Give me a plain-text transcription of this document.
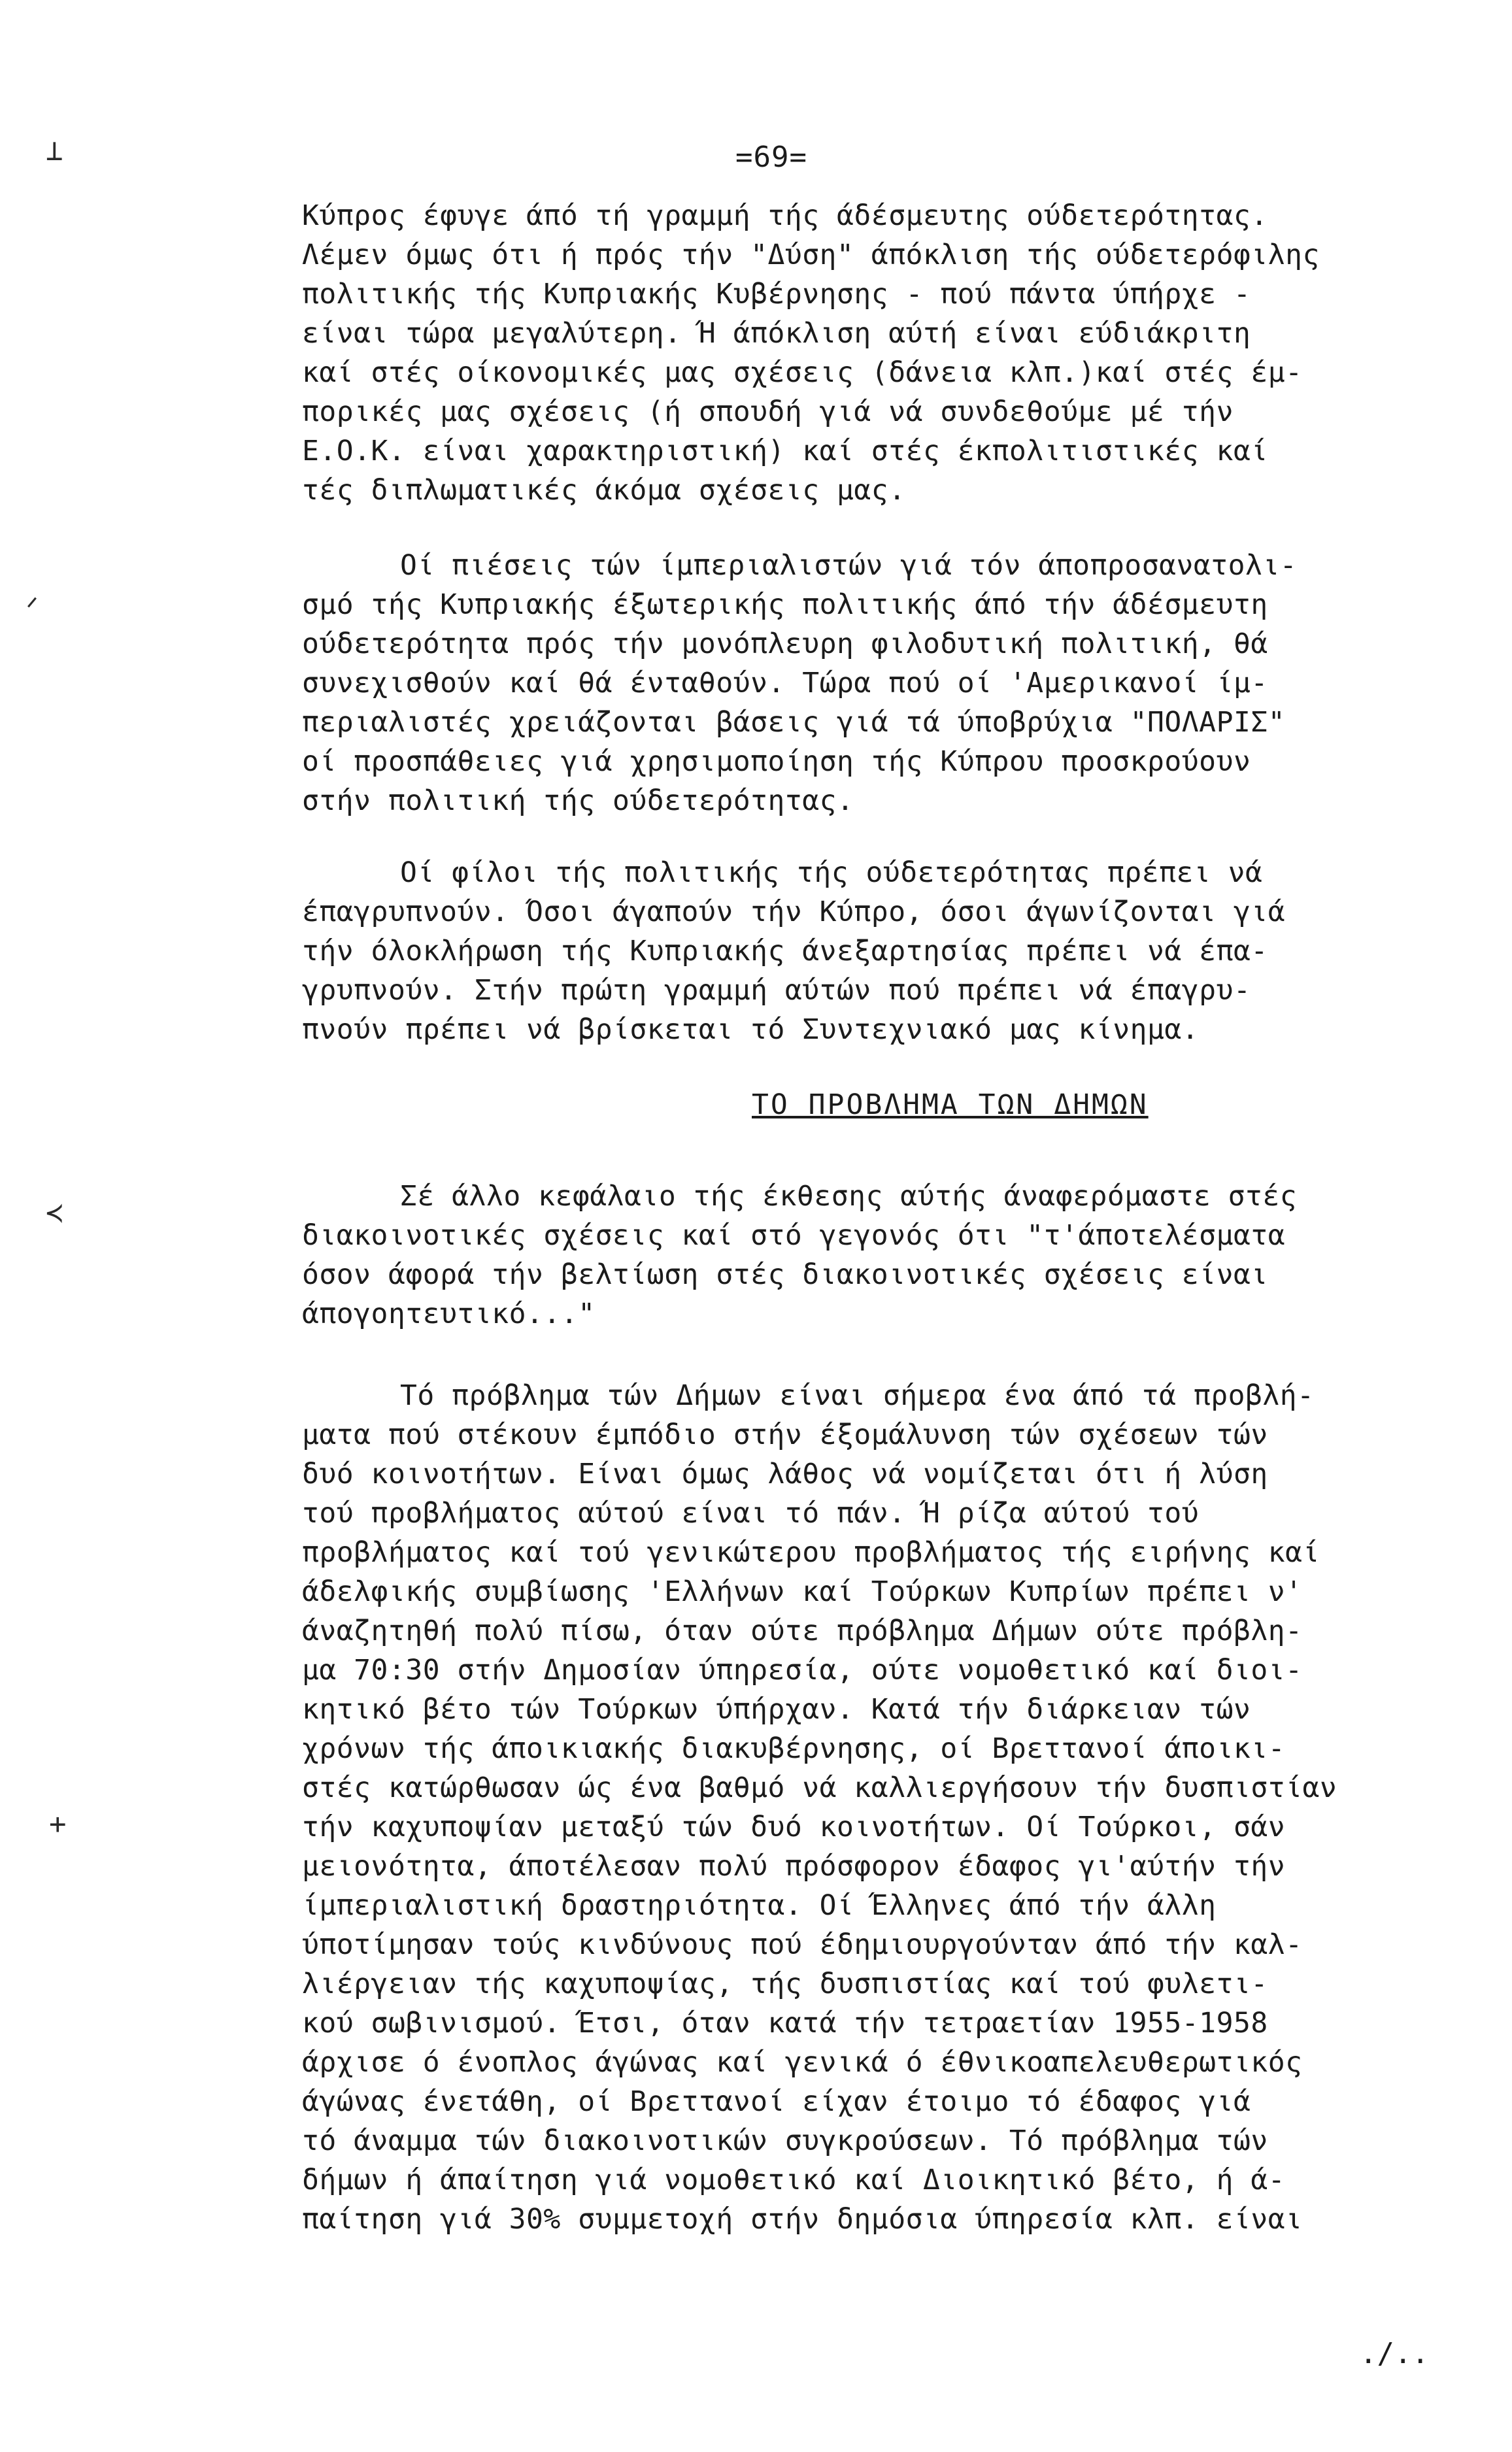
⊥
ᐟ
≺
+
=69=
Κύπρος έφυγε άπό τή γραμμή τής άδέσμευτης ούδετερότητας.
Λέμεν όμως ότι ή πρός τήν "Δύση" άπόκλιση τής ούδετερόφιλης
πολιτικής τής Κυπριακής Κυβέρνησης - πού πάντα ύπήρχε -
είναι τώρα μεγαλύτερη. Ή άπόκλιση αύτή είναι εύδιάκριτη
καί στές οίκονομικές μας σχέσεις (δάνεια κλπ.)καί στές έμ-
πορικές μας σχέσεις (ή σπουδή γιά νά συνδεθούμε μέ τήν
Ε.Ο.Κ. είναι χαρακτηριστική) καί στές έκπολιτιστικές καί
τές διπλωματικές άκόμα σχέσεις μας.
Οί πιέσεις τών ίμπεριαλιστών γιά τόν άποπροσανατολι-
σμό τής Κυπριακής έξωτερικής πολιτικής άπό τήν άδέσμευτη
ούδετερότητα πρός τήν μονόπλευρη φιλοδυτική πολιτική, θά
συνεχισθούν καί θά ένταθούν. Τώρα πού οί 'Αμερικανοί ίμ-
περιαλιστές χρειάζονται βάσεις γιά τά ύποβρύχια "ΠΟΛΑΡΙΣ"
οί προσπάθειες γιά χρησιμοποίηση τής Κύπρου προσκρούουν
στήν πολιτική τής ούδετερότητας.
Οί φίλοι τής πολιτικής τής ούδετερότητας πρέπει νά
έπαγρυπνούν. Όσοι άγαπούν τήν Κύπρο, όσοι άγωνίζονται γιά
τήν όλοκλήρωση τής Κυπριακής άνεξαρτησίας πρέπει νά έπα-
γρυπνούν. Στήν πρώτη γραμμή αύτών πού πρέπει νά έπαγρυ-
πνούν πρέπει νά βρίσκεται τό Συντεχνιακό μας κίνημα.
ΤΟ ΠΡΟΒΛΗΜΑ ΤΩΝ ΔΗΜΩΝ
Σέ άλλο κεφάλαιο τής έκθεσης αύτής άναφερόμαστε στές
διακοινοτικές σχέσεις καί στό γεγονός ότι "τ'άποτελέσματα
όσον άφορά τήν βελτίωση στές διακοινοτικές σχέσεις είναι
άπογοητευτικό..."
Τό πρόβλημα τών Δήμων είναι σήμερα ένα άπό τά προβλή-
ματα πού στέκουν έμπόδιο στήν έξομάλυνση τών σχέσεων τών
δυό κοινοτήτων. Είναι όμως λάθος νά νομίζεται ότι ή λύση
τού προβλήματος αύτού είναι τό πάν. Ή ρίζα αύτού τού
προβλήματος καί τού γενικώτερου προβλήματος τής ειρήνης καί
άδελφικής συμβίωσης 'Ελλήνων καί Τούρκων Κυπρίων πρέπει ν'
άναζητηθή πολύ πίσω, όταν ούτε πρόβλημα Δήμων ούτε πρόβλη-
μα 70:30 στήν Δημοσίαν ύπηρεσία, ούτε νομοθετικό καί διοι-
κητικό βέτο τών Τούρκων ύπήρχαν. Κατά τήν διάρκειαν τών
χρόνων τής άποικιακής διακυβέρνησης, οί Βρεττανοί άποικι-
στές κατώρθωσαν ώς ένα βαθμό νά καλλιεργήσουν τήν δυσπιστίαν
τήν καχυποψίαν μεταξύ τών δυό κοινοτήτων. Οί Τούρκοι, σάν
μειονότητα, άποτέλεσαν πολύ πρόσφορον έδαφος γι'αύτήν τήν
ίμπεριαλιστική δραστηριότητα. Οί Έλληνες άπό τήν άλλη
ύποτίμησαν τούς κινδύνους πού έδημιουργούνταν άπό τήν καλ-
λιέργειαν τής καχυποψίας, τής δυσπιστίας καί τού φυλετι-
κού σωβινισμού. Έτσι, όταν κατά τήν τετραετίαν 1955-1958
άρχισε ό ένοπλος άγώνας καί γενικά ό έθνικοαπελευθερωτικός
άγώνας ένετάθη, οί Βρεττανοί είχαν έτοιμο τό έδαφος γιά
τό άναμμα τών διακοινοτικών συγκρούσεων. Τό πρόβλημα τών
δήμων ή άπαίτηση γιά νομοθετικό καί Διοικητικό βέτο, ή ά-
παίτηση γιά 30% συμμετοχή στήν δημόσια ύπηρεσία κλπ. είναι
./..
